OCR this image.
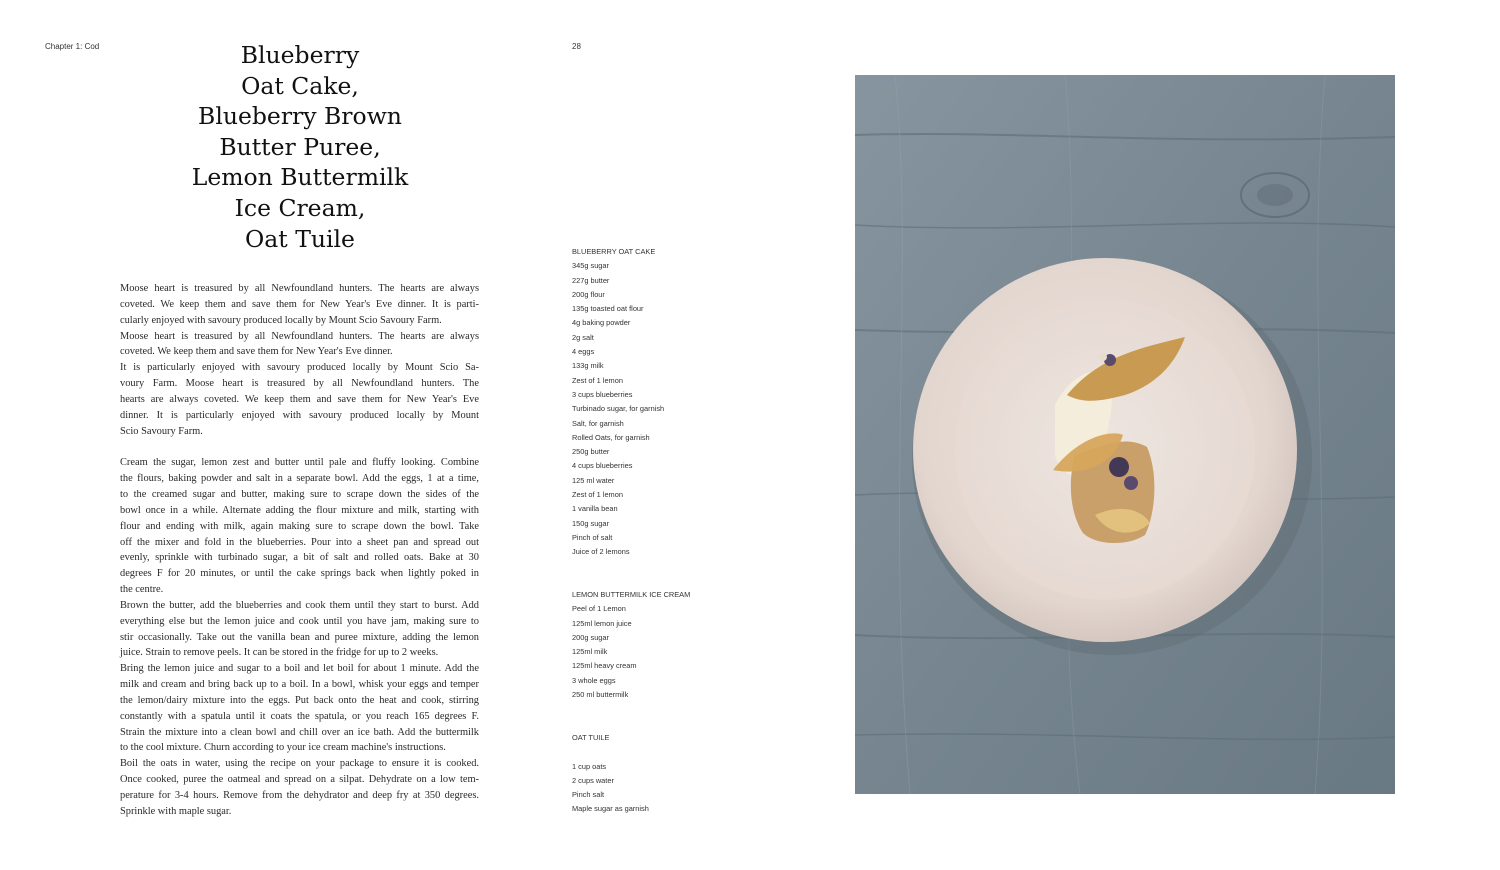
Chapter 1: Cod	28
Blueberry
Oat Cake,
Blueberry Brown
Butter Puree,
Lemon Buttermilk
Ice Cream,
Oat Tuile
Moose heart is treasured by all Newfoundland hunters. The hearts are always
coveted. We keep them and save them for New Year's Eve dinner. It is parti-
cularly enjoyed with savoury produced locally by Mount Scio Savoury Farm.
Moose heart is treasured by all Newfoundland hunters. The hearts are always
coveted. We keep them and save them for New Year's Eve dinner.
It is particularly enjoyed with savoury produced locally by Mount Scio Sa-
voury Farm. Moose heart is treasured by all Newfoundland hunters. The
hearts are always coveted. We keep them and save them for New Year's Eve
dinner. It is particularly enjoyed with savoury produced locally by Mount
Scio Savoury Farm.
Cream the sugar, lemon zest and butter until pale and fluffy looking. Combine
the flours, baking powder and salt in a separate bowl. Add the eggs, 1 at a time,
to the creamed sugar and butter, making sure to scrape down the sides of the
bowl once in a while. Alternate adding the flour mixture and milk, starting with
flour and ending with milk, again making sure to scrape down the bowl. Take
off the mixer and fold in the blueberries. Pour into a sheet pan and spread out
evenly, sprinkle with turbinado sugar, a bit of salt and rolled oats. Bake at 30
degrees F for 20 minutes, or until the cake springs back when lightly poked in
the centre.
Brown the butter, add the blueberries and cook them until they start to burst. Add
everything else but the lemon juice and cook until you have jam, making sure to
stir occasionally. Take out the vanilla bean and puree mixture, adding the lemon
juice. Strain to remove peels. It can be stored in the fridge for up to 2 weeks.
Bring the lemon juice and sugar to a boil and let boil for about 1 minute. Add the
milk and cream and bring back up to a boil. In a bowl, whisk your eggs and temper
the lemon/dairy mixture into the eggs. Put back onto the heat and cook, stirring
constantly with a spatula until it coats the spatula, or you reach 165 degrees F.
Strain the mixture into a clean bowl and chill over an ice bath. Add the buttermilk
to the cool mixture. Churn according to your ice cream machine's instructions.
Boil the oats in water, using the recipe on your package to ensure it is cooked.
Once cooked, puree the oatmeal and spread on a silpat. Dehydrate on a low tem-
perature for 3-4 hours. Remove from the dehydrator and deep fry at 350 degrees.
Sprinkle with maple sugar.
BLUEBERRY OAT CAKE
345g sugar
227g butter
200g flour
135g toasted oat flour
4g baking powder
2g salt
4 eggs
133g milk
Zest of 1 lemon
3 cups blueberries
Turbinado sugar, for garnish
Salt, for garnish
Rolled Oats, for garnish
250g butter
4 cups blueberries
125 ml water
Zest of 1 lemon
1 vanilla bean
150g sugar
Pinch of salt
Juice of 2 lemons
LEMON BUTTERMILK ICE CREAM
Peel of 1 Lemon
125ml lemon juice
200g sugar
125ml milk
125ml heavy cream
3 whole eggs
250 ml buttermilk
OAT TUILE
1 cup oats
2 cups water
Pinch salt
Maple sugar as garnish
